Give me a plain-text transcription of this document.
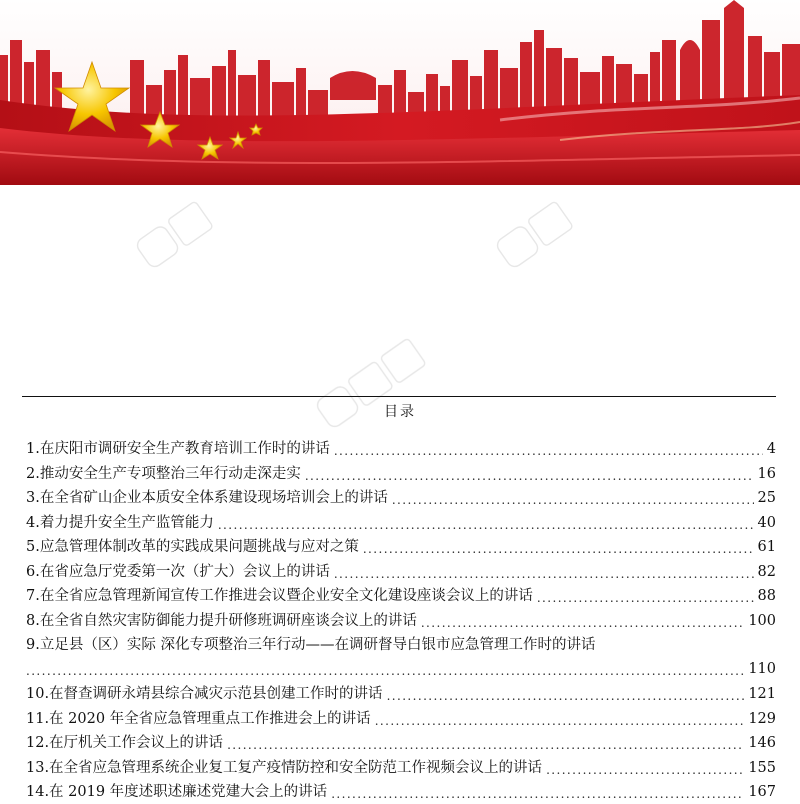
目录
1.在庆阳市调研安全生产教育培训工作时的讲话 .....	4
2.推动安全生产专项整治三年行动走深走实 .....	16
3.在全省矿山企业本质安全体系建设现场培训会上的讲话 .....	25
4.着力提升安全生产监管能力 .....	40
5.应急管理体制改革的实践成果问题挑战与应对之策 .....	61
6.在省应急厅党委第一次（扩大）会议上的讲话 .....	82
7.在全省应急管理新闻宣传工作推进会议暨企业安全文化建设座谈会议上的讲话 .....	88
8.在全省自然灾害防御能力提升研修班调研座谈会议上的讲话 .....	100
9.立足县（区）实际 深化专项整治三年行动——在调研督导白银市应急管理工作时的讲话
.....
110
10.在督查调研永靖县综合减灾示范县创建工作时的讲话 .....	121
11.在 2020 年全省应急管理重点工作推进会上的讲话 .....	129
12.在厅机关工作会议上的讲话 .....	146
13.在全省应急管理系统企业复工复产疫情防控和安全防范工作视频会议上的讲话 .....	155
14.在 2019 年度述职述廉述党建大会上的讲话 .....	167
